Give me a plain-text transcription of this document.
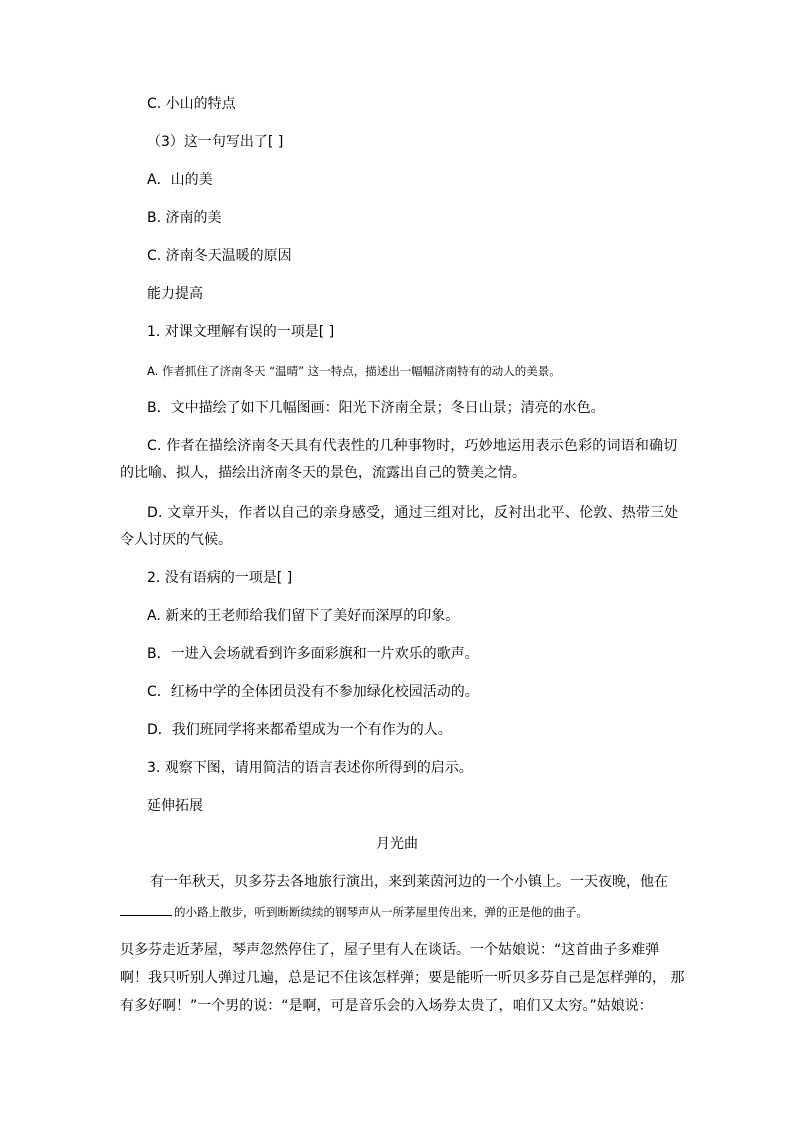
C. 小山的特点
（3）这一句写出了[ ]
A．山的美
B. 济南的美
C. 济南冬天温暖的原因
能力提高
1. 对课文理解有误的一项是[ ]
A. 作者抓住了济南冬天 “温晴” 这一特点，描述出一幅幅济南特有的动人的美景。
B．文中描绘了如下几幅图画：阳光下济南全景；冬日山景；清亮的水色。
C. 作者在描绘济南冬天具有代表性的几种事物时，巧妙地运用表示色彩的词语和确切
的比喻、拟人，描绘出济南冬天的景色，流露出自己的赞美之情。
D. 文章开头，作者以自己的亲身感受，通过三组对比，反衬出北平、伦敦、热带三处
令人讨厌的气候。
2. 没有语病的一项是[ ]
A. 新来的王老师给我们留下了美好而深厚的印象。
B．一进入会场就看到许多面彩旗和一片欢乐的歌声。
C．红杨中学的全体团员没有不参加绿化校园活动的。
D．我们班同学将来都希望成为一个有作为的人。
3. 观察下图，请用简洁的语言表述你所得到的启示。
延伸拓展
月光曲
有一年秋天，贝多芬去各地旅行演出，来到莱茵河边的一个小镇上。一天夜晚，他在
的小路上散步，听到断断续续的钢琴声从一所茅屋里传出来，弹的正是他的曲子。
贝多芬走近茅屋，琴声忽然停住了，屋子里有人在谈话。一个姑娘说：“这首曲子多难弹
啊！我只听别人弹过几遍，总是记不住该怎样弹；要是能听一听贝多芬自己是怎样弹的， 那
有多好啊！”一个男的说：“是啊，可是音乐会的入场券太贵了，咱们又太穷。”姑娘说：
